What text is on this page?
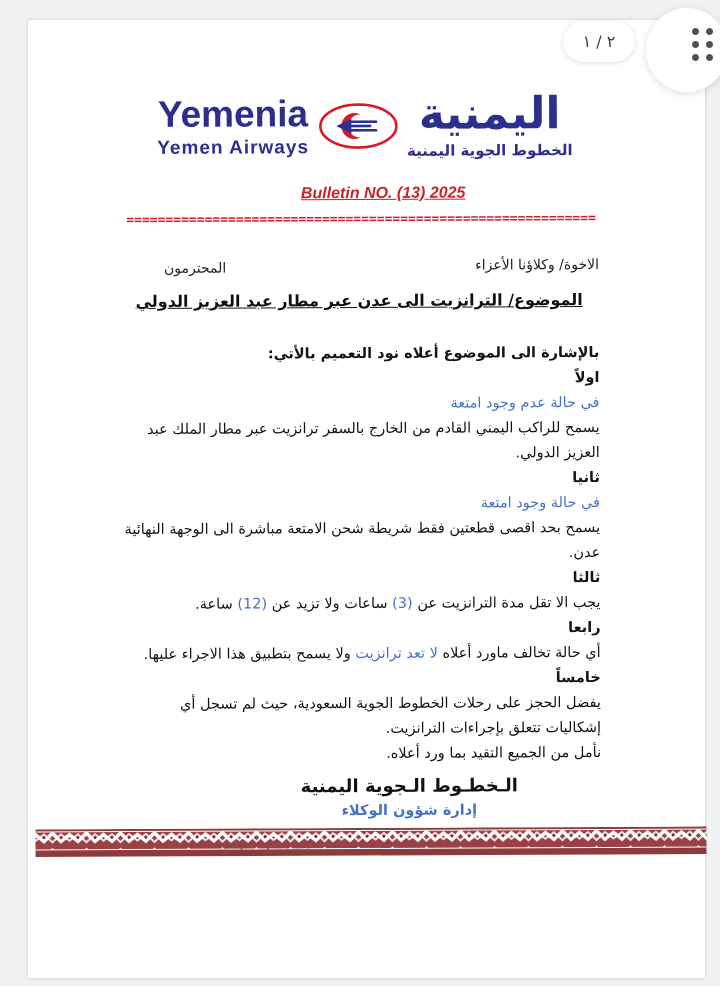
Yemenia
Yemen Airways
اليمنية
الخطوط الجوية اليمنية
Bulletin NO. (13) 2025
============================================================
الاخوة/ وكلاؤنا الأعزاء
المحترمون
الموضوع/ الترانزيت الى عدن عبر مطار عبد العزيز الدولي

بالإشارة الى الموضوع أعلاه نود التعميم بالأتي:

اولاً

في حالة عدم وجود امتعة

يسمح للراكب اليمني القادم من الخارج بالسفر ترانزيت عبر مطار الملك عبد العزيز الدولي.

ثانيا

في حالة وجود امتعة

يسمح بحد اقصى قطعتين فقط شريطة شحن الامتعة مباشرة الى الوجهة النهائية عدن.

ثالثا

يجب الا تقل مدة الترانزيت عن (3) ساعات ولا تزيد عن (12) ساعة.

رابعا

أي حالة تخالف ماورد أعلاه لا تعد ترانزيت ولا يسمح بتطبيق هذا الاجراء عليها.

خامساً

يفضل الحجز على رحلات الخطوط الجوية السعودية، حيث لم تسجل أي إشكاليات تتعلق بإجراءات الترانزيت.

نأمل من الجميع التقيد بما ورد أعلاه.

الـخطـوط الـجوية اليمنية
إدارة شؤون الوكلاء
٢ / ١
